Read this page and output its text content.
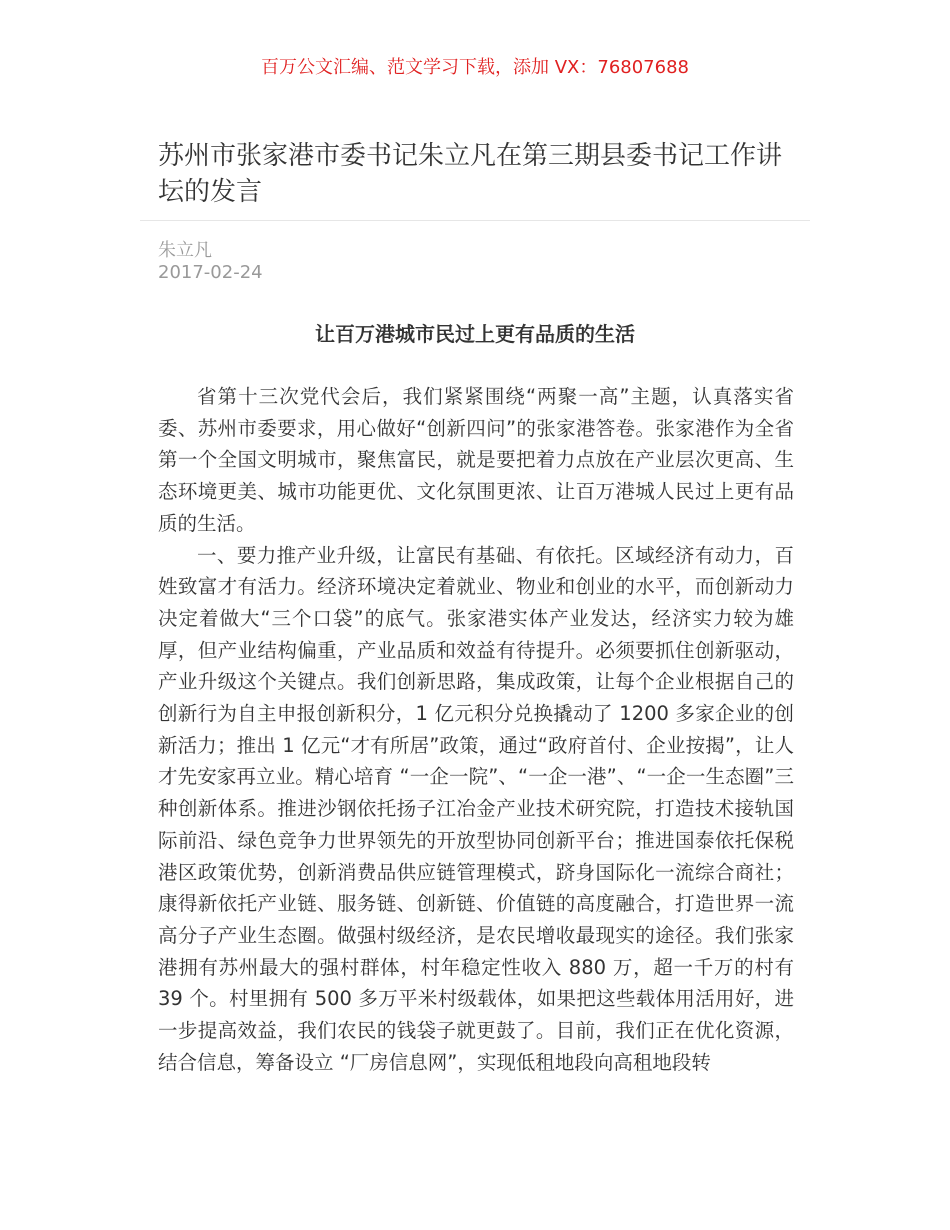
百万公文汇编、范文学习下载，添加 VX：76807688
苏州市张家港市委书记朱立凡在第三期县委书记工作讲坛的发言
朱立凡
2017-02-24
让百万港城市民过上更有品质的生活

省第十三次党代会后，我们紧紧围绕“两聚一高”主题，认真落实省委、苏州市委要求，用心做好“创新四问”的张家港答卷。张家港作为全省第一个全国文明城市，聚焦富民，就是要把着力点放在产业层次更高、生态环境更美、城市功能更优、文化氛围更浓、让百万港城人民过上更有品质的生活。

一、要力推产业升级，让富民有基础、有依托。区域经济有动力，百姓致富才有活力。经济环境决定着就业、物业和创业的水平，而创新动力决定着做大“三个口袋”的底气。张家港实体产业发达，经济实力较为雄厚，但产业结构偏重，产业品质和效益有待提升。必须要抓住创新驱动，产业升级这个关键点。我们创新思路，集成政策，让每个企业根据自己的创新行为自主申报创新积分，1 亿元积分兑换撬动了 1200 多家企业的创新活力；推出 1 亿元“才有所居”政策，通过“政府首付、企业按揭”，让人才先安家再立业。精心培育 “一企一院”、“一企一港”、“一企一生态圈”三种创新体系。推进沙钢依托扬子江冶金产业技术研究院，打造技术接轨国际前沿、绿色竞争力世界领先的开放型协同创新平台；推进国泰依托保税港区政策优势，创新消费品供应链管理模式，跻身国际化一流综合商社；康得新依托产业链、服务链、创新链、价值链的高度融合，打造世界一流高分子产业生态圈。做强村级经济，是农民增收最现实的途径。我们张家港拥有苏州最大的强村群体，村年稳定性收入 880 万，超一千万的村有 39 个。村里拥有 500 多万平米村级载体，如果把这些载体用活用好，进一步提高效益，我们农民的钱袋子就更鼓了。目前，我们正在优化资源，结合信息，筹备设立 “厂房信息网”，实现低租地段向高租地段转
